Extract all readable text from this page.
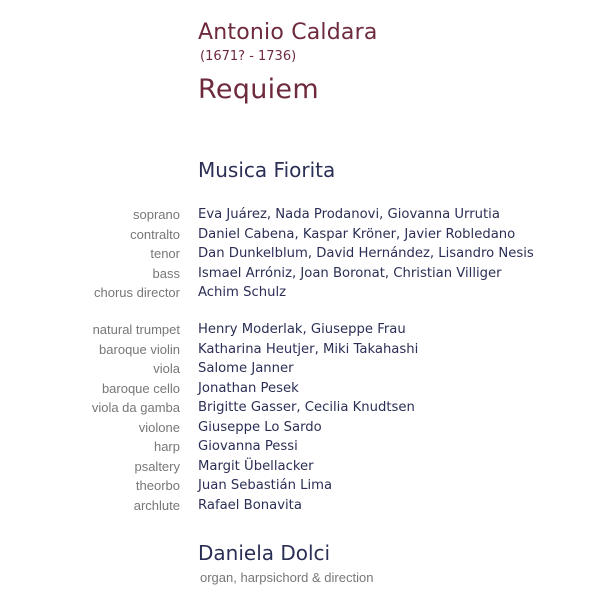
Antonio Caldara
(1671? - 1736)
Requiem
Musica Fiorita
soprano Eva Juárez, Nada Prodanovi, Giovanna Urrutia
contralto Daniel Cabena, Kaspar Kröner, Javier Robledano
tenor Dan Dunkelblum, David Hernández, Lisandro Nesis
bass Ismael Arróniz, Joan Boronat, Christian Villiger
chorus director Achim Schulz
natural trumpet Henry Moderlak, Giuseppe Frau
baroque violin Katharina Heutjer, Miki Takahashi
viola Salome Janner
baroque cello Jonathan Pesek
viola da gamba Brigitte Gasser, Cecilia Knudtsen
violone Giuseppe Lo Sardo
harp Giovanna Pessi
psaltery Margit Übellacker
theorbo Juan Sebastián Lima
archlute Rafael Bonavita
Daniela Dolci
organ, harpsichord & direction
